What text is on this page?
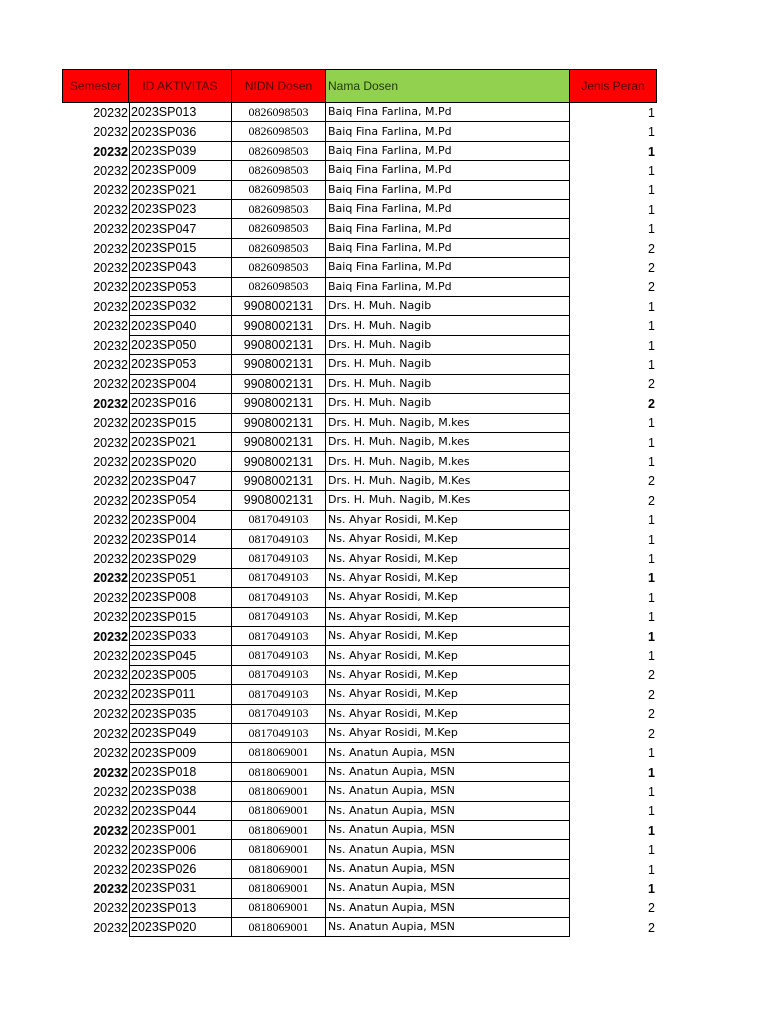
Semester	ID AKTIVITAS	NIDN Dosen	Nama Dosen	Jenis Peran
20232 2023SP013	0826098503	Baiq Fina Farlina, M.Pd	1
20232 2023SP036	0826098503	Baiq Fina Farlina, M.Pd	1
20232 2023SP039	0826098503	Baiq Fina Farlina, M.Pd	1
20232 2023SP009	0826098503	Baiq Fina Farlina, M.Pd	1
20232 2023SP021	0826098503	Baiq Fina Farlina, M.Pd	1
20232 2023SP023	0826098503	Baiq Fina Farlina, M.Pd	1
20232 2023SP047	0826098503	Baiq Fina Farlina, M.Pd	1
20232 2023SP015	0826098503	Baiq Fina Farlina, M.Pd	2
20232 2023SP043	0826098503	Baiq Fina Farlina, M.Pd	2
20232 2023SP053	0826098503	Baiq Fina Farlina, M.Pd	2
20232 2023SP032	9908002131	Drs. H. Muh. Nagib	1
20232 2023SP040	9908002131	Drs. H. Muh. Nagib	1
20232 2023SP050	9908002131	Drs. H. Muh. Nagib	1
20232 2023SP053	9908002131	Drs. H. Muh. Nagib	1
20232 2023SP004	9908002131	Drs. H. Muh. Nagib	2
20232 2023SP016	9908002131	Drs. H. Muh. Nagib	2
20232 2023SP015	9908002131	Drs. H. Muh. Nagib, M.kes	1
20232 2023SP021	9908002131	Drs. H. Muh. Nagib, M.kes	1
20232 2023SP020	9908002131	Drs. H. Muh. Nagib, M.kes	1
20232 2023SP047	9908002131	Drs. H. Muh. Nagib, M.Kes	2
20232 2023SP054	9908002131	Drs. H. Muh. Nagib, M.Kes	2
20232 2023SP004	0817049103	Ns. Ahyar Rosidi, M.Kep	1
20232 2023SP014	0817049103	Ns. Ahyar Rosidi, M.Kep	1
20232 2023SP029	0817049103	Ns. Ahyar Rosidi, M.Kep	1
20232 2023SP051	0817049103	Ns. Ahyar Rosidi, M.Kep	1
20232 2023SP008	0817049103	Ns. Ahyar Rosidi, M.Kep	1
20232 2023SP015	0817049103	Ns. Ahyar Rosidi, M.Kep	1
20232 2023SP033	0817049103	Ns. Ahyar Rosidi, M.Kep	1
20232 2023SP045	0817049103	Ns. Ahyar Rosidi, M.Kep	1
20232 2023SP005	0817049103	Ns. Ahyar Rosidi, M.Kep	2
20232 2023SP011	0817049103	Ns. Ahyar Rosidi, M.Kep	2
20232 2023SP035	0817049103	Ns. Ahyar Rosidi, M.Kep	2
20232 2023SP049	0817049103	Ns. Ahyar Rosidi, M.Kep	2
20232 2023SP009	0818069001	Ns. Anatun Aupia, MSN	1
20232 2023SP018	0818069001	Ns. Anatun Aupia, MSN	1
20232 2023SP038	0818069001	Ns. Anatun Aupia, MSN	1
20232 2023SP044	0818069001	Ns. Anatun Aupia, MSN	1
20232 2023SP001	0818069001	Ns. Anatun Aupia, MSN	1
20232 2023SP006	0818069001	Ns. Anatun Aupia, MSN	1
20232 2023SP026	0818069001	Ns. Anatun Aupia, MSN	1
20232 2023SP031	0818069001	Ns. Anatun Aupia, MSN	1
20232 2023SP013	0818069001	Ns. Anatun Aupia, MSN	2
20232 2023SP020	0818069001	Ns. Anatun Aupia, MSN	2
